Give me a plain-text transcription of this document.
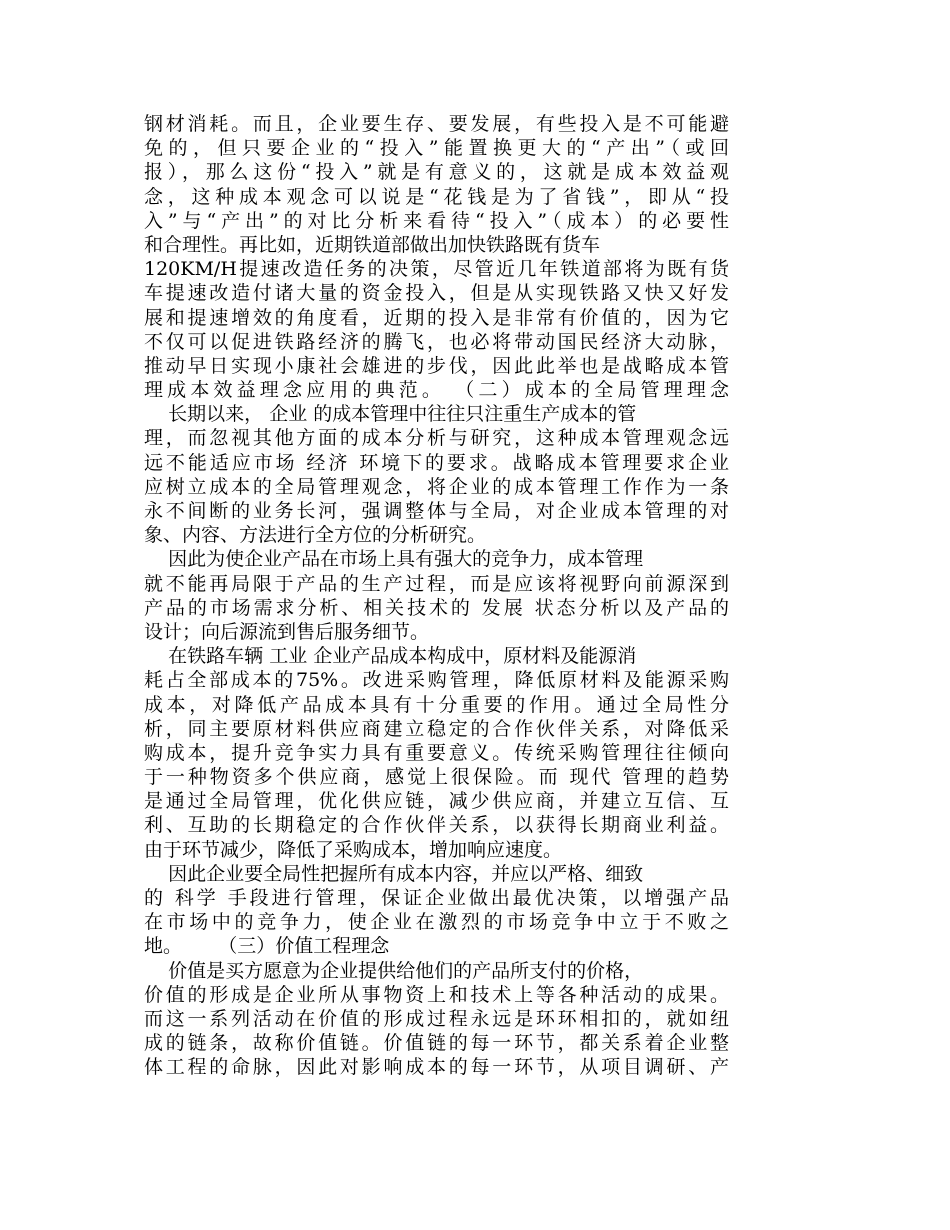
钢材消耗。而且，企业要生存、要发展，有些投入是不可能避
免的，但只要企业的“投入”能置换更大的“产出”（或回
报），那么这份“投入”就是有意义的，这就是成本效益观
念，这种成本观念可以说是“花钱是为了省钱”，即从“投
入”与“产出”的对比分析来看待“投入”（成本）的必要性
和合理性。再比如，近期铁道部做出加快铁路既有货车
120KM/H提速改造任务的决策，尽管近几年铁道部将为既有货
车提速改造付诸大量的资金投入，但是从实现铁路又快又好发
展和提速增效的角度看，近期的投入是非常有价值的，因为它
不仅可以促进铁路经济的腾飞，也必将带动国民经济大动脉，
推动早日实现小康社会雄进的步伐，因此此举也是战略成本管
理成本效益理念应用的典范。 （二）成本的全局管理理念
长期以来， 企业 的成本管理中往往只注重生产成本的管
理，而忽视其他方面的成本分析与研究，这种成本管理观念远
远不能适应市场 经济 环境下的要求。战略成本管理要求企业
应树立成本的全局管理观念，将企业的成本管理工作作为一条
永不间断的业务长河，强调整体与全局，对企业成本管理的对
象、内容、方法进行全方位的分析研究。
因此为使企业产品在市场上具有强大的竞争力，成本管理
就不能再局限于产品的生产过程，而是应该将视野向前源深到
产品的市场需求分析、相关技术的 发展 状态分析以及产品的
设计；向后源流到售后服务细节。
在铁路车辆 工业 企业产品成本构成中，原材料及能源消
耗占全部成本的75%。改进采购管理，降低原材料及能源采购
成本，对降低产品成本具有十分重要的作用。通过全局性分
析，同主要原材料供应商建立稳定的合作伙伴关系，对降低采
购成本，提升竞争实力具有重要意义。传统采购管理往往倾向
于一种物资多个供应商，感觉上很保险。而 现代 管理的趋势
是通过全局管理，优化供应链，减少供应商，并建立互信、互
利、互助的长期稳定的合作伙伴关系，以获得长期商业利益。
由于环节减少，降低了采购成本，增加响应速度。
因此企业要全局性把握所有成本内容，并应以严格、细致
的 科学 手段进行管理，保证企业做出最优决策，以增强产品
在市场中的竞争力，使企业在激烈的市场竞争中立于不败之
地。      （三）价值工程理念
价值是买方愿意为企业提供给他们的产品所支付的价格，
价值的形成是企业所从事物资上和技术上等各种活动的成果。
而这一系列活动在价值的形成过程永远是环环相扣的，就如纽
成的链条，故称价值链。价值链的每一环节，都关系着企业整
体工程的命脉，因此对影响成本的每一环节，从项目调研、产
